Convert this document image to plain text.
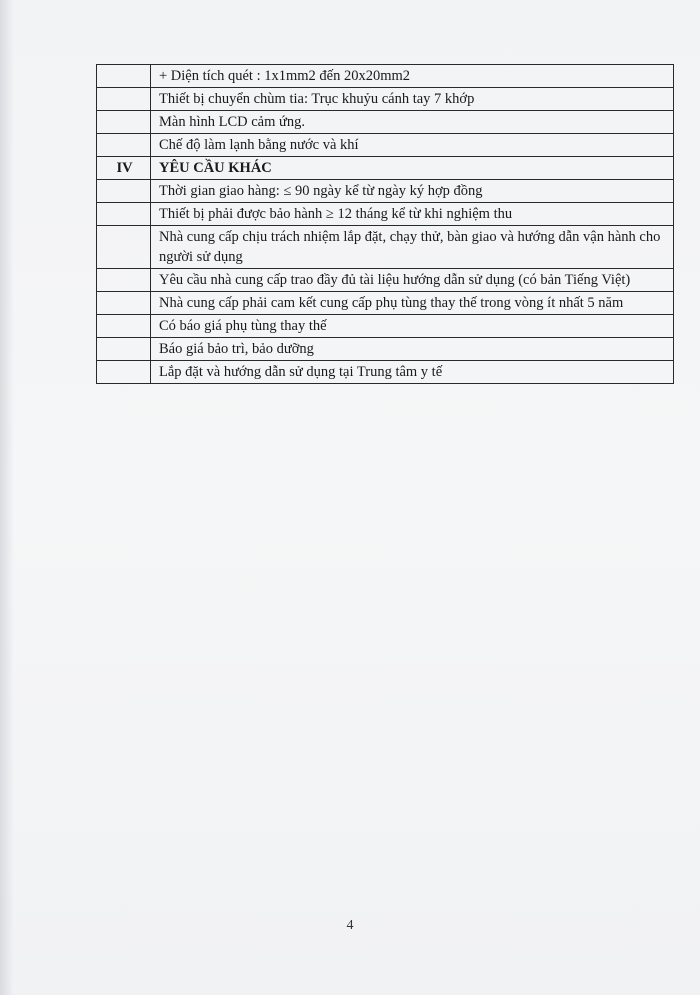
	+ Diện tích quét : 1x1mm2 đến 20x20mm2
	Thiết bị chuyển chùm tia: Trục khuỷu cánh tay 7 khớp
	Màn hình LCD cảm ứng.
	Chế độ làm lạnh bằng nước và khí
IV	YÊU CẦU KHÁC
	Thời gian giao hàng: ≤ 90 ngày kể từ ngày ký hợp đồng
	Thiết bị phải được bảo hành ≥ 12 tháng kể từ khi nghiệm thu
	Nhà cung cấp chịu trách nhiệm lắp đặt, chạy thử, bàn giao và hướng dẫn vận hành cho người sử dụng
	Yêu cầu nhà cung cấp trao đầy đủ tài liệu hướng dẫn sử dụng (có bản Tiếng Việt)
	Nhà cung cấp phải cam kết cung cấp phụ tùng thay thế trong vòng ít nhất 5 năm
	Có báo giá phụ tùng thay thế
	Báo giá bảo trì, bảo dưỡng
	Lắp đặt và hướng dẫn sử dụng tại Trung tâm y tế
4
